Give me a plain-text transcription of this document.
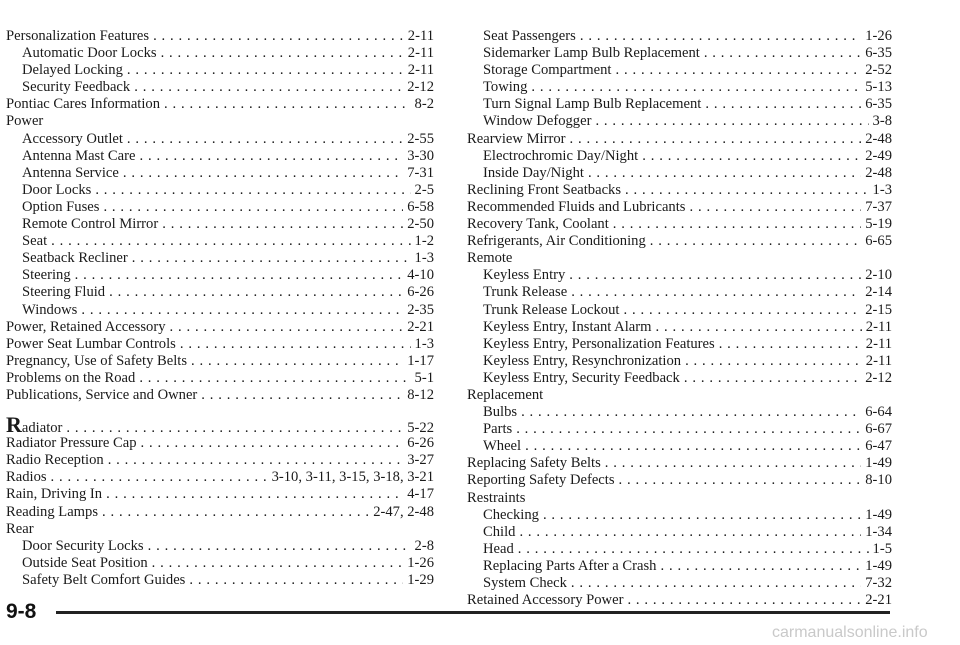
Personalization Features . . .	2-11
Automatic Door Locks . . .	2-11
Delayed Locking . . .	2-11
Security Feedback . . .	2-12
Pontiac Cares Information . . .	8-2
Power
Accessory Outlet . . .	2-55
Antenna Mast Care . . .	3-30
Antenna Service . . .	7-31
Door Locks . . .	2-5
Option Fuses . . .	6-58
Remote Control Mirror . . .	2-50
Seat . . .	1-2
Seatback Recliner . . .	1-3
Steering . . .	4-10
Steering Fluid . . .	6-26
Windows . . .	2-35
Power, Retained Accessory . . .	2-21
Power Seat Lumbar Controls . . .	1-3
Pregnancy, Use of Safety Belts . . .	1-17
Problems on the Road . . .	5-1
Publications, Service and Owner . . .	8-12
Radiator . . .	5-22
Radiator Pressure Cap . . .	6-26
Radio Reception . . .	3-27
Radios . . .	3-10, 3-11, 3-15, 3-18, 3-21
Rain, Driving In . . .	4-17
Reading Lamps . . .	2-47, 2-48
Rear
Door Security Locks . . .	2-8
Outside Seat Position . . .	1-26
Safety Belt Comfort Guides . . .	1-29
Seat Passengers . . .	1-26
Sidemarker Lamp Bulb Replacement . . .	6-35
Storage Compartment . . .	2-52
Towing . . .	5-13
Turn Signal Lamp Bulb Replacement . . .	6-35
Window Defogger . . .	3-8
Rearview Mirror . . .	2-48
Electrochromic Day/Night . . .	2-49
Inside Day/Night . . .	2-48
Reclining Front Seatbacks . . .	1-3
Recommended Fluids and Lubricants . . .	7-37
Recovery Tank, Coolant . . .	5-19
Refrigerants, Air Conditioning . . .	6-65
Remote
Keyless Entry . . .	2-10
Trunk Release . . .	2-14
Trunk Release Lockout . . .	2-15
Keyless Entry, Instant Alarm . . .	2-11
Keyless Entry, Personalization Features . . .	2-11
Keyless Entry, Resynchronization . . .	2-11
Keyless Entry, Security Feedback . . .	2-12
Replacement
Bulbs . . .	6-64
Parts . . .	6-67
Wheel . . .	6-47
Replacing Safety Belts . . .	1-49
Reporting Safety Defects . . .	8-10
Restraints
Checking . . .	1-49
Child . . .	1-34
Head . . .	1-5
Replacing Parts After a Crash . . .	1-49
System Check . . .	7-32
Retained Accessory Power . . .	2-21
9-8
carmanualsonline.info
